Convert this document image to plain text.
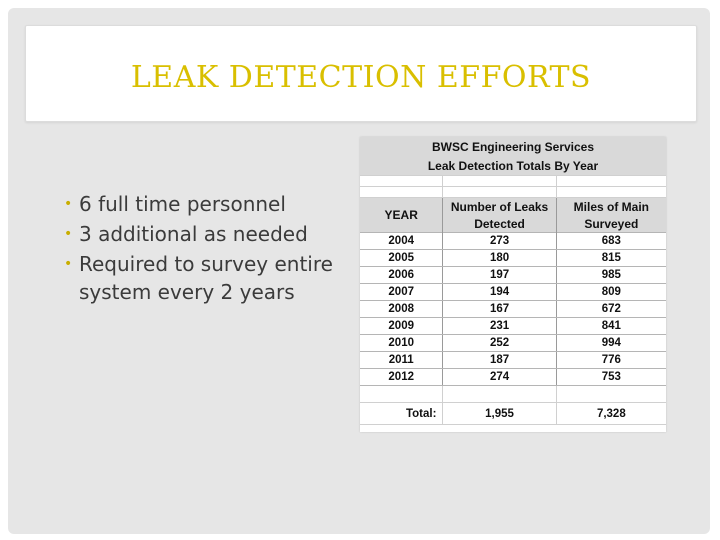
LEAK DETECTION EFFORTS
• 6 full time personnel
• 3 additional as needed
• Required to survey entire system every 2 years
BWSC Engineering Services		
Leak Detection Totals By Year		

YEAR	Number of Leaks	Miles of Main
	Detected	Surveyed
2004	273	683
2005	180	815
2006	197	985
2007	194	809
2008	167	672
2009	231	841
2010	252	994
2011	187	776
2012	274	753

Total:	1,955	7,328
